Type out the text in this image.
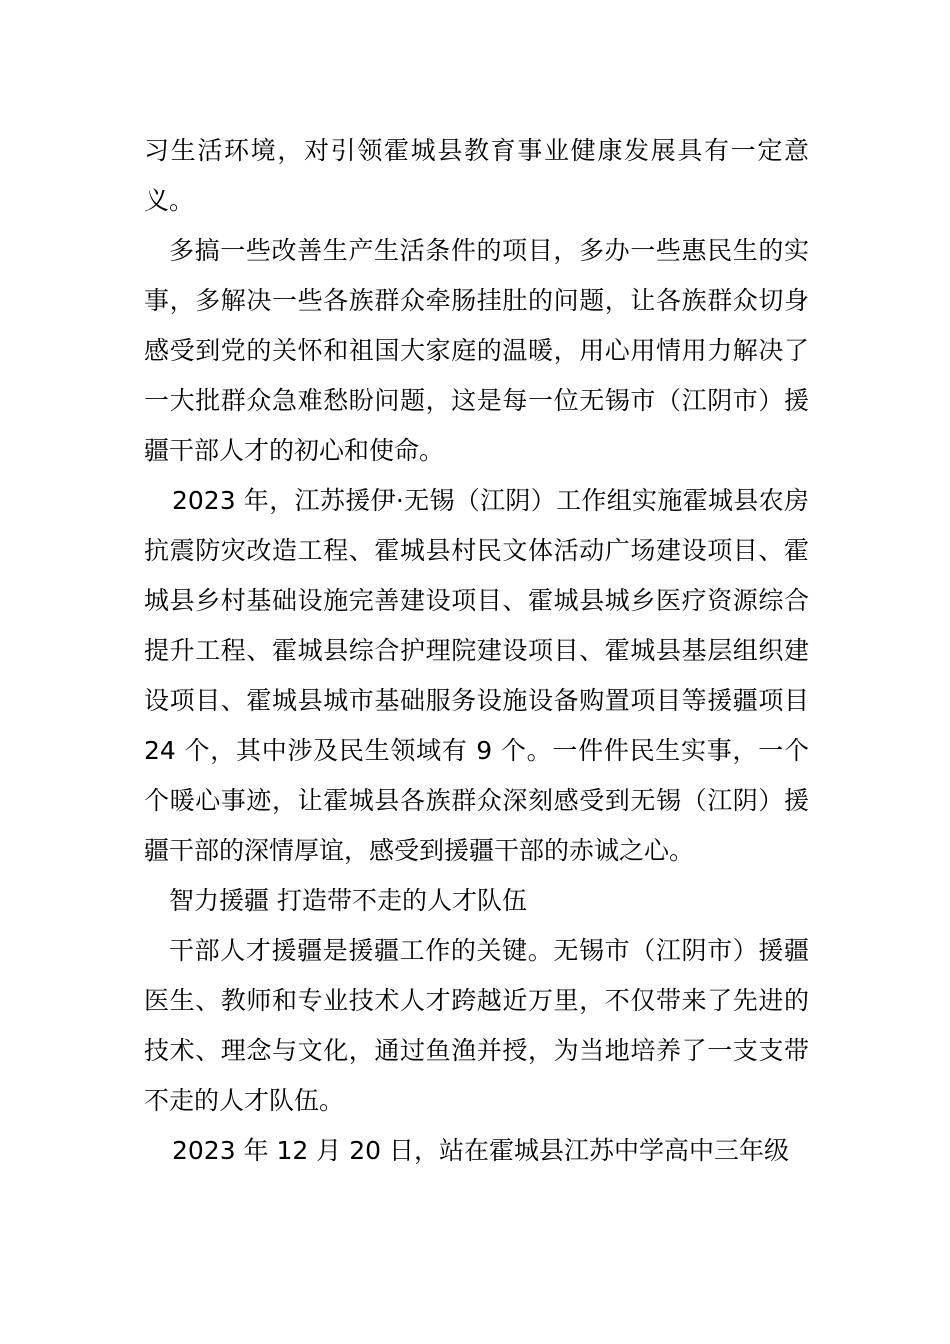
习生活环境，对引领霍城县教育事业健康发展具有一定意义。

多搞一些改善生产生活条件的项目，多办一些惠民生的实事，多解决一些各族群众牵肠挂肚的问题，让各族群众切身感受到党的关怀和祖国大家庭的温暖，用心用情用力解决了一大批群众急难愁盼问题，这是每一位无锡市（江阴市）援疆干部人才的初心和使命。

2023 年，江苏援伊·无锡（江阴）工作组实施霍城县农房抗震防灾改造工程、霍城县村民文体活动广场建设项目、霍城县乡村基础设施完善建设项目、霍城县城乡医疗资源综合提升工程、霍城县综合护理院建设项目、霍城县基层组织建设项目、霍城县城市基础服务设施设备购置项目等援疆项目 24 个，其中涉及民生领域有 9 个。一件件民生实事，一个个暖心事迹，让霍城县各族群众深刻感受到无锡（江阴）援疆干部的深情厚谊，感受到援疆干部的赤诚之心。

智力援疆 打造带不走的人才队伍

干部人才援疆是援疆工作的关键。无锡市（江阴市）援疆医生、教师和专业技术人才跨越近万里，不仅带来了先进的技术、理念与文化，通过鱼渔并授，为当地培养了一支支带不走的人才队伍。

2023 年 12 月 20 日，站在霍城县江苏中学高中三年级
